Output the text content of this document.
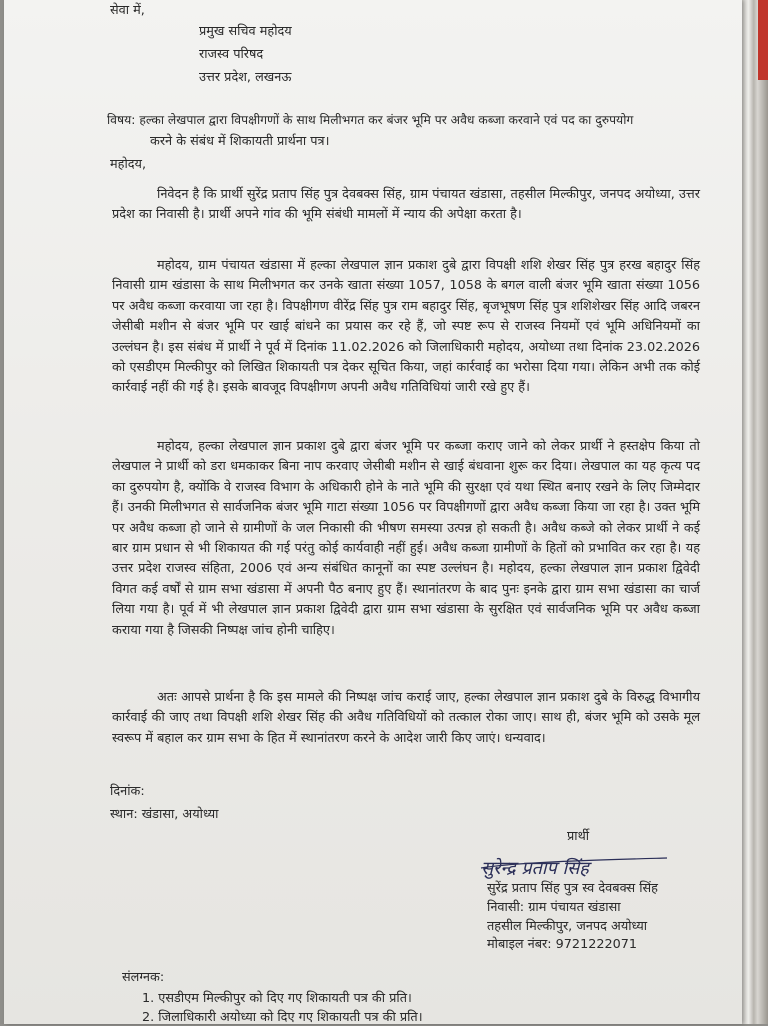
सेवा में,
प्रमुख सचिव महोदय
राजस्व परिषद
उत्तर प्रदेश, लखनऊ
विषय: हल्का लेखपाल द्वारा विपक्षीगणों के साथ मिलीभगत कर बंजर भूमि पर अवैध कब्जा करवाने एवं पद का दुरुपयोग
करने के संबंध में शिकायती प्रार्थना पत्र।
महोदय,
निवेदन है कि प्रार्थी सुरेंद्र प्रताप सिंह पुत्र देवबक्स सिंह, ग्राम पंचायत खंडासा, तहसील मिल्कीपुर, जनपद अयोध्या, उत्तर प्रदेश का निवासी है। प्रार्थी अपने गांव की भूमि संबंधी मामलों में न्याय की अपेक्षा करता है।
महोदय, ग्राम पंचायत खंडासा में हल्का लेखपाल ज्ञान प्रकाश दुबे द्वारा विपक्षी शशि शेखर सिंह पुत्र हरख बहादुर सिंह निवासी ग्राम खंडासा के साथ मिलीभगत कर उनके खाता संख्या 1057, 1058 के बगल वाली बंजर भूमि खाता संख्या 1056 पर अवैध कब्जा करवाया जा रहा है। विपक्षीगण वीरेंद्र सिंह पुत्र राम बहादुर सिंह, बृजभूषण सिंह पुत्र शशिशेखर सिंह आदि जबरन जेसीबी मशीन से बंजर भूमि पर खाई बांधने का प्रयास कर रहे हैं, जो स्पष्ट रूप से राजस्व नियमों एवं भूमि अधिनियमों का उल्लंघन है। इस संबंध में प्रार्थी ने पूर्व में दिनांक 11.02.2026 को जिलाधिकारी महोदय, अयोध्या तथा दिनांक 23.02.2026 को एसडीएम मिल्कीपुर को लिखित शिकायती पत्र देकर सूचित किया, जहां कार्रवाई का भरोसा दिया गया। लेकिन अभी तक कोई कार्रवाई नहीं की गई है। इसके बावजूद विपक्षीगण अपनी अवैध गतिविधियां जारी रखे हुए हैं।
महोदय, हल्का लेखपाल ज्ञान प्रकाश दुबे द्वारा बंजर भूमि पर कब्जा कराए जाने को लेकर प्रार्थी ने हस्तक्षेप किया तो लेखपाल ने प्रार्थी को डरा धमकाकर बिना नाप करवाए जेसीबी मशीन से खाई बंधवाना शुरू कर दिया। लेखपाल का यह कृत्य पद का दुरुपयोग है, क्योंकि वे राजस्व विभाग के अधिकारी होने के नाते भूमि की सुरक्षा एवं यथा स्थित बनाए रखने के लिए जिम्मेदार हैं। उनकी मिलीभगत से सार्वजनिक बंजर भूमि गाटा संख्या 1056 पर विपक्षीगणों द्वारा अवैध कब्जा किया जा रहा है। उक्त भूमि पर अवैध कब्जा हो जाने से ग्रामीणों के जल निकासी की भीषण समस्या उत्पन्न हो सकती है। अवैध कब्जे को लेकर प्रार्थी ने कई बार ग्राम प्रधान से भी शिकायत की गई परंतु कोई कार्यवाही नहीं हुई। अवैध कब्जा ग्रामीणों के हितों को प्रभावित कर रहा है। यह उत्तर प्रदेश राजस्व संहिता, 2006 एवं अन्य संबंधित कानूनों का स्पष्ट उल्लंघन है। महोदय, हल्का लेखपाल ज्ञान प्रकाश द्विवेदी विगत कई वर्षों से ग्राम सभा खंडासा में अपनी पैठ बनाए हुए हैं। स्थानांतरण के बाद पुनः इनके द्वारा ग्राम सभा खंडासा का चार्ज लिया गया है। पूर्व में भी लेखपाल ज्ञान प्रकाश द्विवेदी द्वारा ग्राम सभा खंडासा के सुरक्षित एवं सार्वजनिक भूमि पर अवैध कब्जा कराया गया है जिसकी निष्पक्ष जांच होनी चाहिए।
अतः आपसे प्रार्थना है कि इस मामले की निष्पक्ष जांच कराई जाए, हल्का लेखपाल ज्ञान प्रकाश दुबे के विरुद्ध विभागीय कार्रवाई की जाए तथा विपक्षी शशि शेखर सिंह की अवैध गतिविधियों को तत्काल रोका जाए। साथ ही, बंजर भूमि को उसके मूल स्वरूप में बहाल कर ग्राम सभा के हित में स्थानांतरण करने के आदेश जारी किए जाएं। धन्यवाद।
दिनांक:
स्थान: खंडासा, अयोध्या
प्रार्थी
सुरेन्द्र प्रताप सिंह
सुरेंद्र प्रताप सिंह पुत्र स्व देवबक्स सिंह
निवासी: ग्राम पंचायत खंडासा
तहसील मिल्कीपुर, जनपद अयोध्या
मोबाइल नंबर: 9721222071
संलग्नक:
1. एसडीएम मिल्कीपुर को दिए गए शिकायती पत्र की प्रति।
2. जिलाधिकारी अयोध्या को दिए गए शिकायती पत्र की प्रति।
